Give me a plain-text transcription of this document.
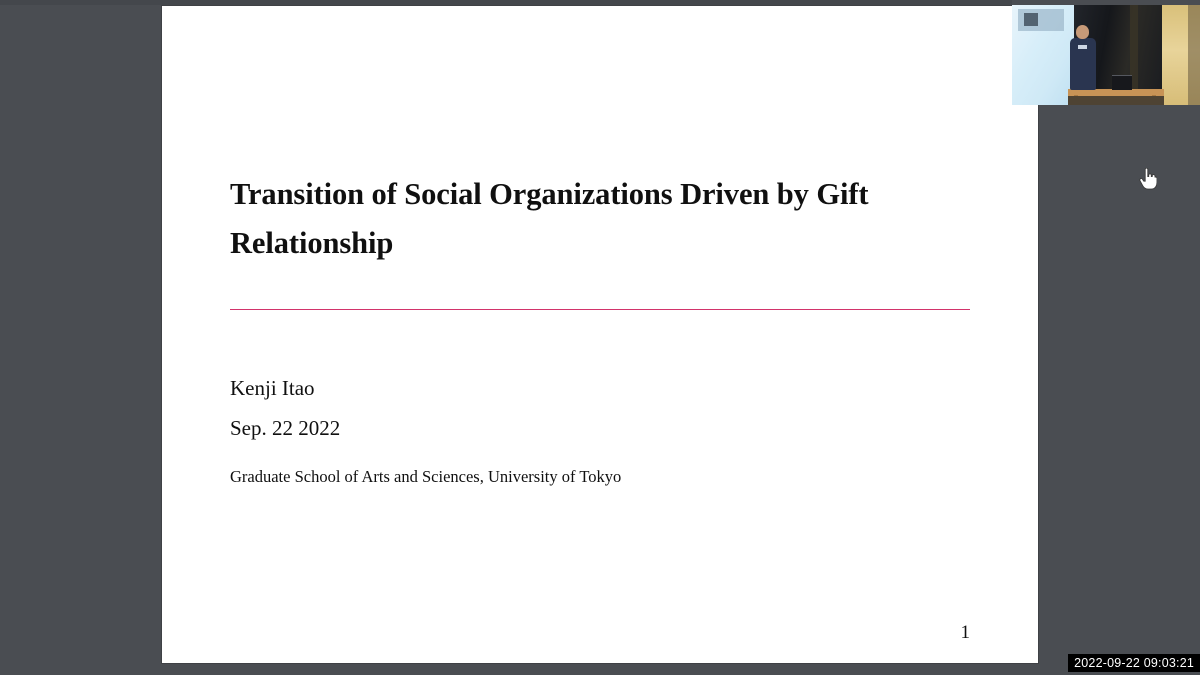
Transition of Social Organizations Driven by Gift Relationship
Kenji Itao
Sep. 22 2022
Graduate School of Arts and Sciences, University of Tokyo
1
2022-09-22 09:03:21
